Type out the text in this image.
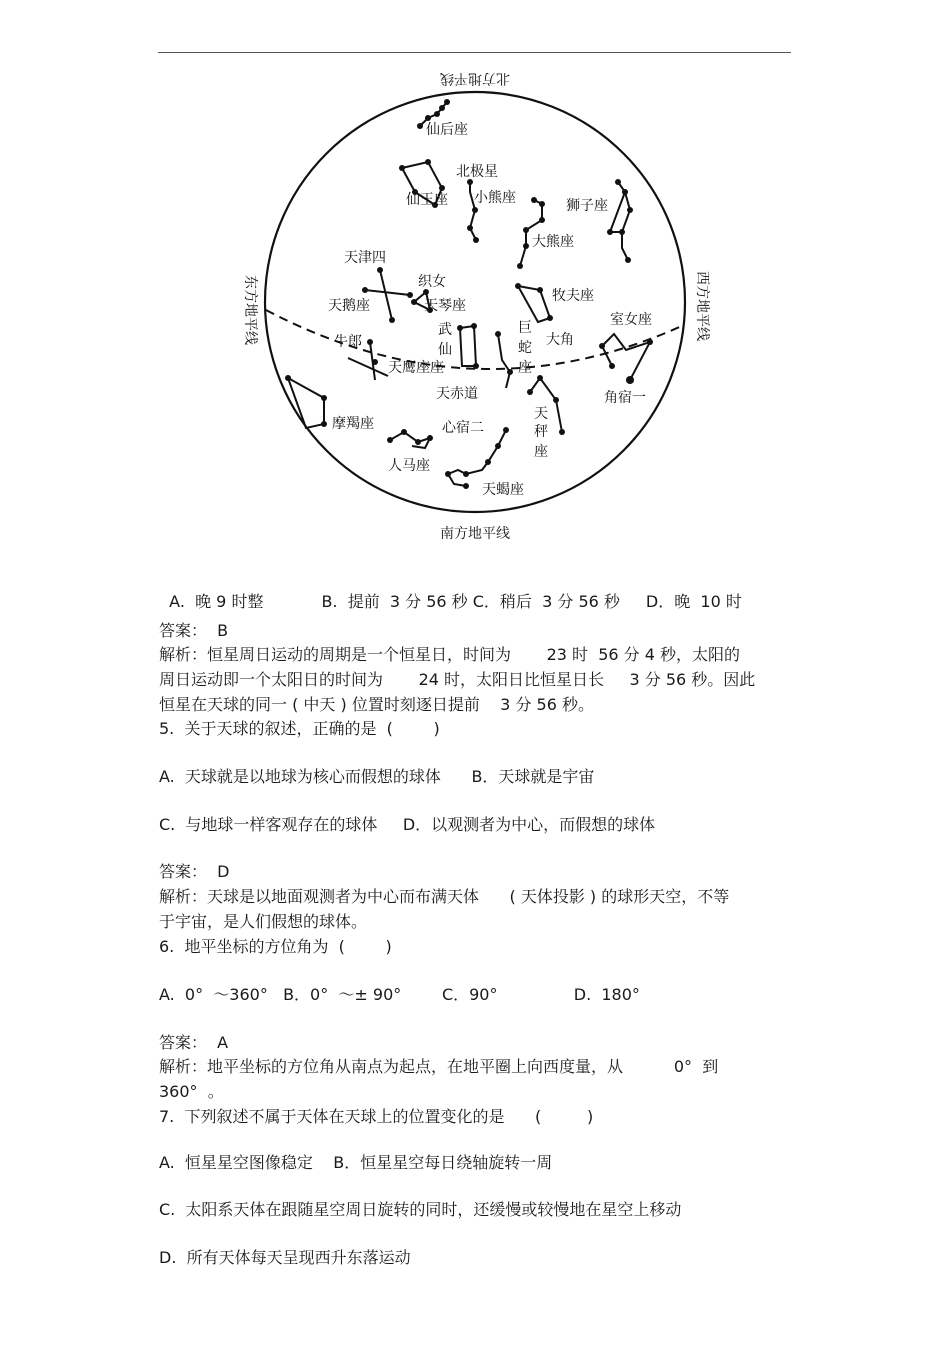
北方地平线
南方地平线
东方地平线	西方地平线
仙后座
北极星
仙王座 小熊座	狮子座
大熊座
天津四
织女
天鹅座	天琴座
牧夫座
武
仙
巨
蛇
座
室女座
牛郎
天鹰座座
大角
天赤道	角宿一
摩羯座	心宿二
天
秤
座
人马座
天蝎座

A.  晚 9 时整	B.  提前  3 分 56 秒 C．稍后  3 分 56 秒 D．晚  10 时

答案：  B
解析：恒星周日运动的周期是一个恒星日，时间为       23 时  56 分 4 秒，太阳的
周日运动即一个太阳日的时间为       24 时，太阳日比恒星日长     3 分 56 秒。因此
恒星在天球的同一 ( 中天 ) 位置时刻逐日提前    3 分 56 秒。
5.  关于天球的叙述，正确的是  (        )
A.  天球就是以地球为核心而假想的球体      B．天球就是宇宙
C.  与地球一样客观存在的球体     D．以观测者为中心，而假想的球体
答案：  D
解析：天球是以地面观测者为中心而布满天体      ( 天体投影 ) 的球形天空，不等
于宇宙，是人们假想的球体。
6.  地平坐标的方位角为  (        )
A.  0°  ～360°   B．0°  ～± 90°        C．90°               D.  180°
答案：  A
解析：地平坐标的方位角从南点为起点，在地平圈上向西度量，从          0°  到
360°  。
7.  下列叙述不属于天体在天球上的位置变化的是      (         )
A.  恒星星空图像稳定    B．恒星星空每日绕轴旋转一周
C.  太阳系天体在跟随星空周日旋转的同时，还缓慢或较慢地在星空上移动
D.  所有天体每天呈现西升东落运动
